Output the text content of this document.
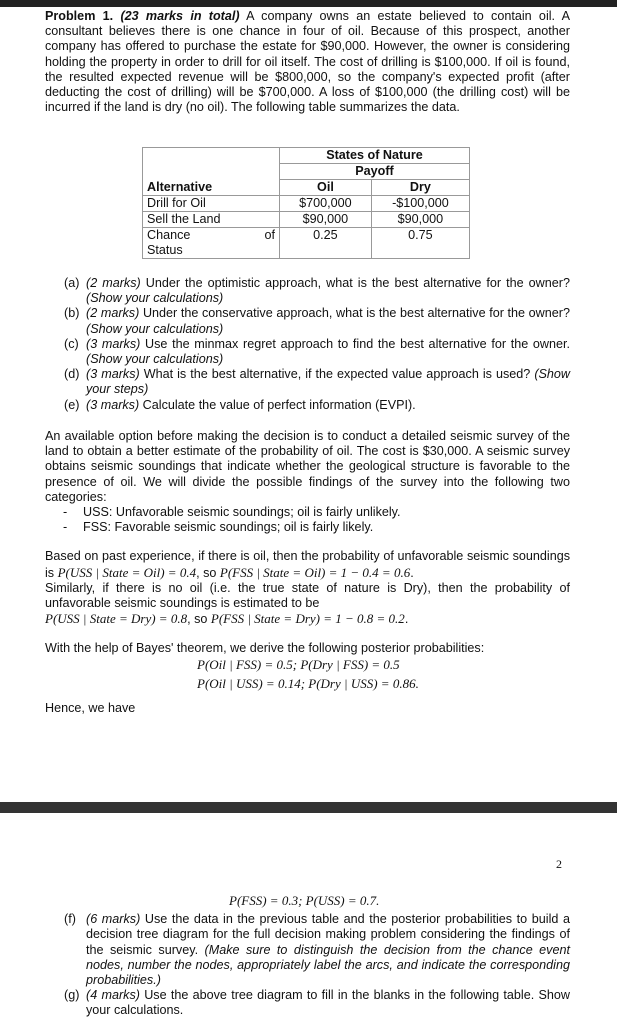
Problem 1. (23 marks in total) A company owns an estate believed to contain oil. A consultant believes there is one chance in four of oil. Because of this prospect, another company has offered to purchase the estate for $90,000. However, the owner is considering holding the property in order to drill for oil itself. The cost of drilling is $100,000. If oil is found, the resulted expected revenue will be $800,000, so the company's expected profit (after deducting the cost of drilling) will be $700,000. A loss of $100,000 (the drilling cost) will be incurred if the land is dry (no oil). The following table summarizes the data.

	States of Nature	
	Payoff	
Alternative	Oil	Dry
Drill for Oil	$700,000	-$100,000
Sell the Land	$90,000	$90,000

Chance of
Status	0.25	0.75
(a) (2 marks) Under the optimistic approach, what is the best alternative for the owner? (Show your calculations)
(b) (2 marks) Under the conservative approach, what is the best alternative for the owner? (Show your calculations)
(c) (3 marks) Use the minmax regret approach to find the best alternative for the owner. (Show your calculations)
(d) (3 marks) What is the best alternative, if the expected value approach is used? (Show your steps)
(e) (3 marks) Calculate the value of perfect information (EVPI).

An available option before making the decision is to conduct a detailed seismic survey of the land to obtain a better estimate of the probability of oil. The cost is $30,000. A seismic survey obtains seismic soundings that indicate whether the geological structure is favorable to the presence of oil. We will divide the possible findings of the survey into the following two categories:

-	USS: Unfavorable seismic soundings; oil is fairly unlikely.
-	FSS: Favorable seismic soundings; oil is fairly likely.

Based on past experience, if there is oil, then the probability of unfavorable seismic soundings is P(USS | State = Oil) = 0.4, so P(FSS | State = Oil) = 1 − 0.4 = 0.6.

Similarly, if there is no oil (i.e. the true state of nature is Dry), then the probability of unfavorable seismic soundings is estimated to be
P(USS | State = Dry) = 0.8, so P(FSS | State = Dry) = 1 − 0.8 = 0.2.

With the help of Bayes' theorem, we derive the following posterior probabilities:

P(Oil | FSS) = 0.5; P(Dry | FSS) = 0.5
P(Oil | USS) = 0.14; P(Dry | USS) = 0.86.

Hence, we have

2
P(FSS) = 0.3; P(USS) = 0.7.
(f) (6 marks) Use the data in the previous table and the posterior probabilities to build a decision tree diagram for the full decision making problem considering the findings of the seismic survey. (Make sure to distinguish the decision from the chance event nodes, number the nodes, appropriately label the arcs, and indicate the corresponding probabilities.)
(g) (4 marks) Use the above tree diagram to fill in the blanks in the following table. Show your calculations.
